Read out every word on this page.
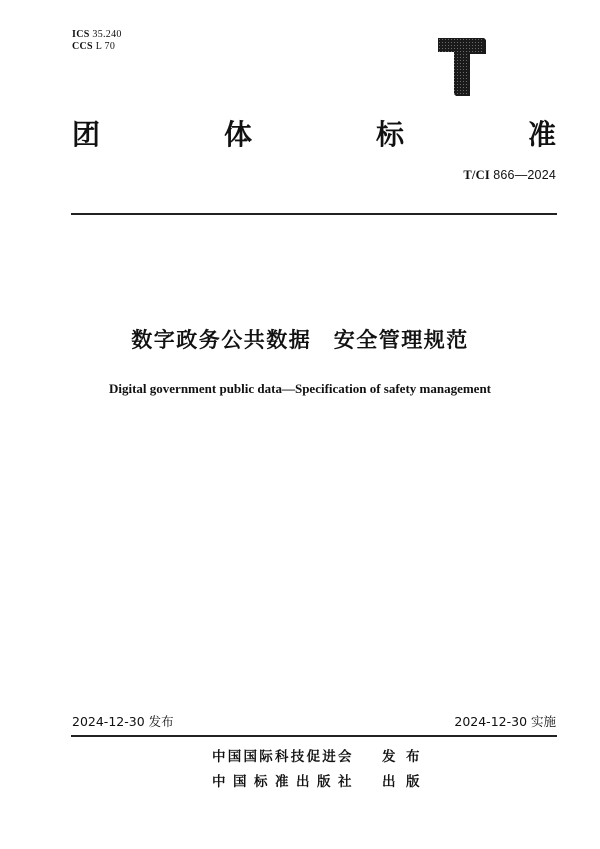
ICS 35.240
CCS L 70
团	体	标	准
T/CI 866—2024
数字政务公共数据　安全管理规范
Digital government public data—Specification of safety management
2024-12-30 发布	2024-12-30 实施
中国国际科技促进会 发布
中国标准出版社 出版
